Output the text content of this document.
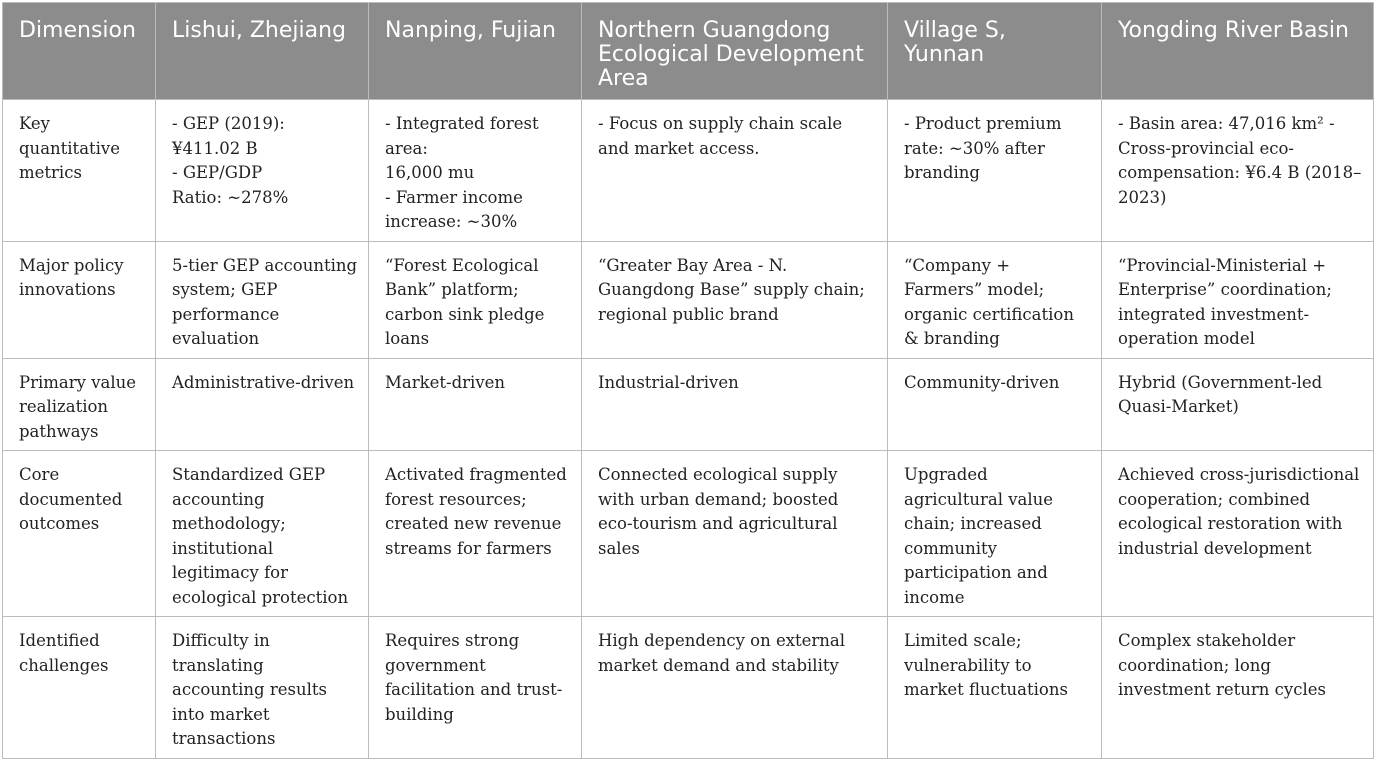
Dimension	Lishui, Zhejiang	Nanping, Fujian	Northern Guangdong Ecological Development Area	Village S, Yunnan	Yongding River Basin
Key quantitative metrics	- GEP (2019):
¥411.02 B
- GEP/GDP
Ratio: ~278%	- Integrated forest area:
16,000 mu
- Farmer income
increase: ~30%	- Focus on supply chain scale and market access.	- Product premium rate: ~30% after branding	- Basin area: 47,016 km² - Cross-provincial eco-compensation: ¥6.4 B (2018–2023)
Major policy innovations	5-tier GEP accounting system; GEP performance evaluation	“Forest Ecological Bank” platform; carbon sink pledge loans	“Greater Bay Area - N. Guangdong Base” supply chain; regional public brand	“Company + Farmers” model; organic certification & branding	“Provincial-Ministerial + Enterprise” coordination; integrated investment-operation model
Primary value realization pathways	Administrative-driven	Market-driven	Industrial-driven	Community-driven	Hybrid (Government-led Quasi-Market)
Core documented outcomes	Standardized GEP accounting methodology; institutional legitimacy for ecological protection	Activated fragmented forest resources; created new revenue streams for farmers	Connected ecological supply with urban demand; boosted eco-tourism and agricultural sales	Upgraded agricultural value chain; increased community participation and income	Achieved cross-jurisdictional cooperation; combined ecological restoration with industrial development
Identified challenges	Difficulty in translating accounting results into market transactions	Requires strong government facilitation and trust-building	High dependency on external market demand and stability	Limited scale; vulnerability to market fluctuations	Complex stakeholder coordination; long investment return cycles
